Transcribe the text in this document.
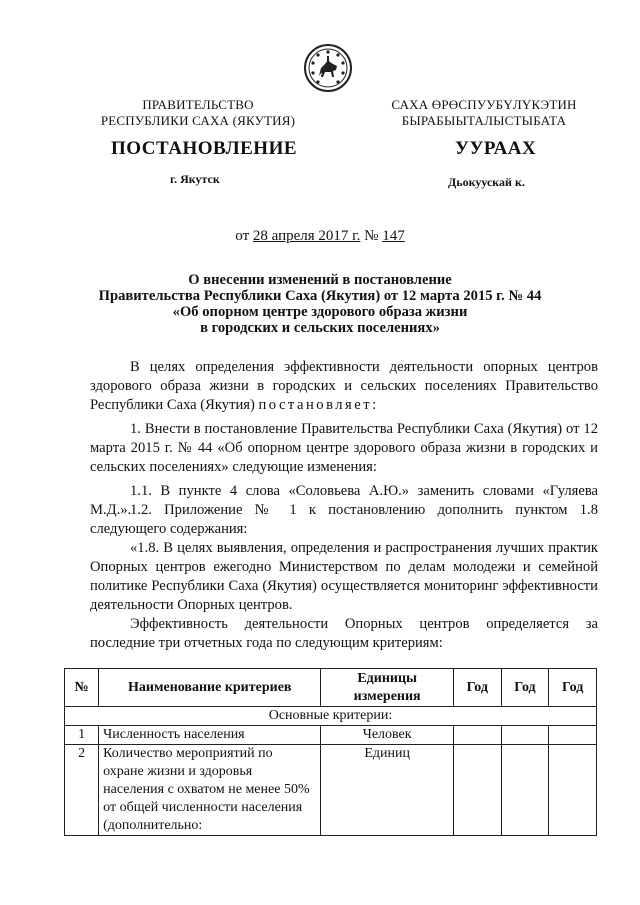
ПРАВИТЕЛЬСТВО
РЕСПУБЛИКИ САХА (ЯКУТИЯ)
САХА ӨРӨСПУУБҮЛҮКЭТИН
БЫРАБЫЫТАЛЫСТЫБАТА
ПОСТАНОВЛЕНИЕ	УУРААХ
г. Якутск	Дьокуускай к.
от 28 апреля 2017 г. № 147
О внесении изменений в постановление
Правительства Республики Саха (Якутия) от 12 марта 2015 г. № 44
«Об опорном центре здорового образа жизни
в городских и сельских поселениях»
В целях определения эффективности деятельности опорных центров здорового образа жизни в городских и сельских поселениях Правительство Республики Саха (Якутия) постановляет:
1. Внести в постановление Правительства Республики Саха (Якутия) от 12 марта 2015 г. № 44 «Об опорном центре здорового образа жизни в городских и сельских поселениях» следующие изменения:
1.1. В пункте 4 слова «Соловьева А.Ю.» заменить словами «Гуляева М.Д.».
1.2. Приложение № 1 к постановлению дополнить пунктом 1.8 следующего содержания:
«1.8. В целях выявления, определения и распространения лучших практик Опорных центров ежегодно Министерством по делам молодежи и семейной политике Республики Саха (Якутия) осуществляется мониторинг эффективности деятельности Опорных центров.
Эффективность деятельности Опорных центров определяется за последние три отчетных года по следующим критериям:
№	Наименование критериев	Единицы измерения	Год	Год	Год
Основные критерии:					
1	Численность населения	Человек			
2	Количество мероприятий по охране жизни и здоровья населения с охватом не менее 50% от общей численности населения (дополнительно:	Единиц			
